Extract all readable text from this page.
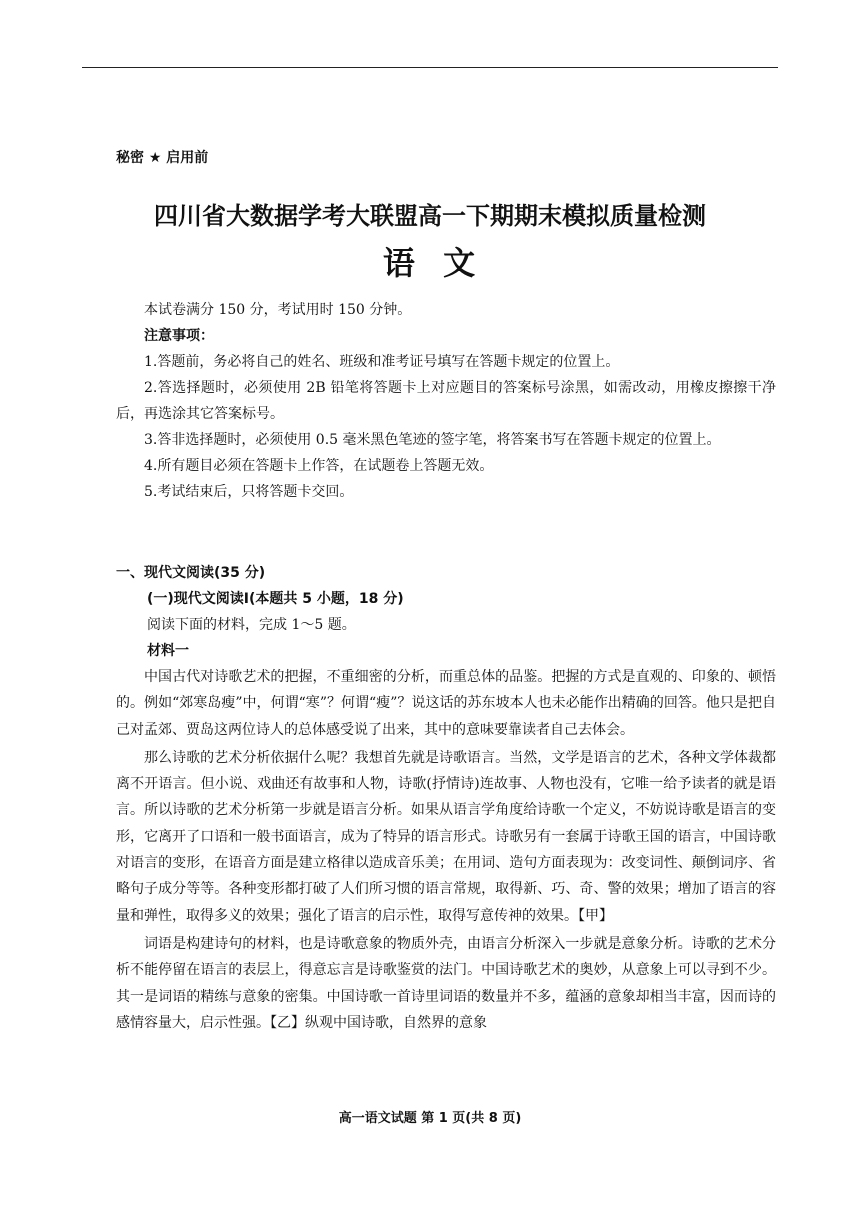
秘密 ★ 启用前
四川省大数据学考大联盟高一下期期末模拟质量检测
语  文

本试卷满分 150 分，考试用时 150 分钟。

注意事项：

1.答题前，务必将自己的姓名、班级和准考证号填写在答题卡规定的位置上。

2.答选择题时，必须使用 2B 铅笔将答题卡上对应题目的答案标号涂黑，如需改动，用橡皮擦擦干净后，再选涂其它答案标号。

3.答非选择题时，必须使用 0.5 毫米黑色笔迹的签字笔，将答案书写在答题卡规定的位置上。

4.所有题目必须在答题卡上作答，在试题卷上答题无效。

5.考试结束后，只将答题卡交回。

一、现代文阅读(35 分)
(一)现代文阅读Ⅰ(本题共 5 小题，18 分)
阅读下面的材料，完成 1～5 题。
材料一

中国古代对诗歌艺术的把握，不重细密的分析，而重总体的品鉴。把握的方式是直观的、印象的、顿悟的。例如“郊寒岛瘦”中，何谓“寒”？何谓“瘦”？说这话的苏东坡本人也未必能作出精确的回答。他只是把自己对孟郊、贾岛这两位诗人的总体感受说了出来，其中的意味要靠读者自己去体会。

那么诗歌的艺术分析依据什么呢？我想首先就是诗歌语言。当然，文学是语言的艺术，各种文学体裁都离不开语言。但小说、戏曲还有故事和人物，诗歌(抒情诗)连故事、人物也没有，它唯一给予读者的就是语言。所以诗歌的艺术分析第一步就是语言分析。如果从语言学角度给诗歌一个定义，不妨说诗歌是语言的变形，它离开了口语和一般书面语言，成为了特异的语言形式。诗歌另有一套属于诗歌王国的语言，中国诗歌对语言的变形，在语音方面是建立格律以造成音乐美；在用词、造句方面表现为：改变词性、颠倒词序、省略句子成分等等。各种变形都打破了人们所习惯的语言常规，取得新、巧、奇、警的效果；增加了语言的容量和弹性，取得多义的效果；强化了语言的启示性，取得写意传神的效果。【甲】

词语是构建诗句的材料，也是诗歌意象的物质外壳，由语言分析深入一步就是意象分析。诗歌的艺术分析不能停留在语言的表层上，得意忘言是诗歌鉴赏的法门。中国诗歌艺术的奥妙，从意象上可以寻到不少。其一是词语的精练与意象的密集。中国诗歌一首诗里词语的数量并不多，蕴涵的意象却相当丰富，因而诗的感情容量大，启示性强。【乙】纵观中国诗歌，自然界的意象

高一语文试题 第 1 页(共 8 页)
